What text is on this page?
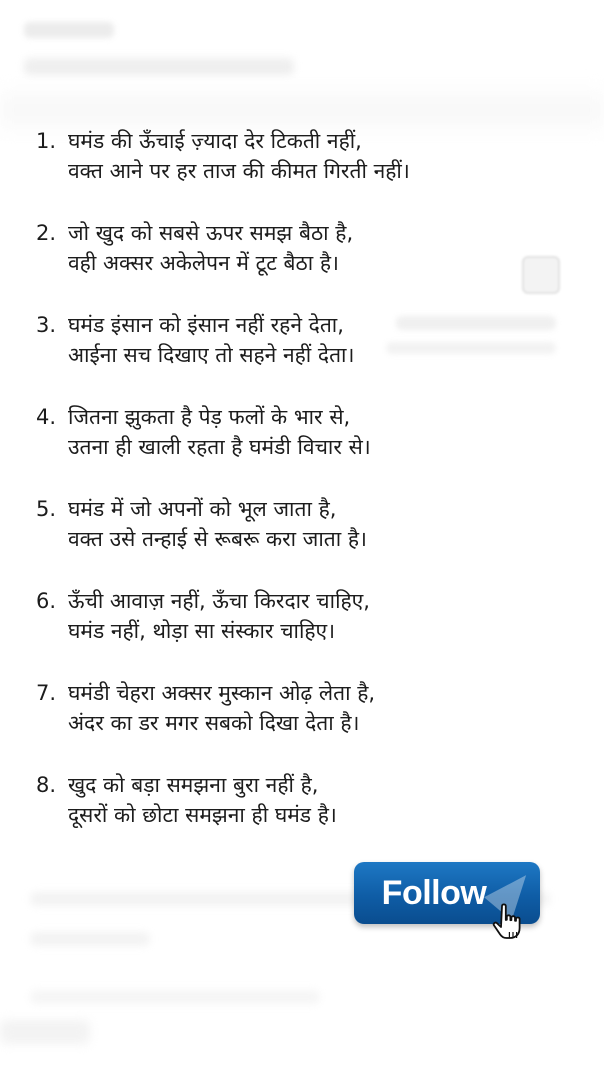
1. घमंड की ऊँचाई ज़्यादा देर टिकती नहीं,
वक्त आने पर हर ताज की कीमत गिरती नहीं।
2. जो खुद को सबसे ऊपर समझ बैठा है,
वही अक्सर अकेलेपन में टूट बैठा है।
3. घमंड इंसान को इंसान नहीं रहने देता,
आईना सच दिखाए तो सहने नहीं देता।
4. जितना झुकता है पेड़ फलों के भार से,
उतना ही खाली रहता है घमंडी विचार से।
5. घमंड में जो अपनों को भूल जाता है,
वक्त उसे तन्हाई से रूबरू करा जाता है।
6. ऊँची आवाज़ नहीं, ऊँचा किरदार चाहिए,
घमंड नहीं, थोड़ा सा संस्कार चाहिए।
7. घमंडी चेहरा अक्सर मुस्कान ओढ़ लेता है,
अंदर का डर मगर सबको दिखा देता है।
8. खुद को बड़ा समझना बुरा नहीं है,
दूसरों को छोटा समझना ही घमंड है।
Follow
